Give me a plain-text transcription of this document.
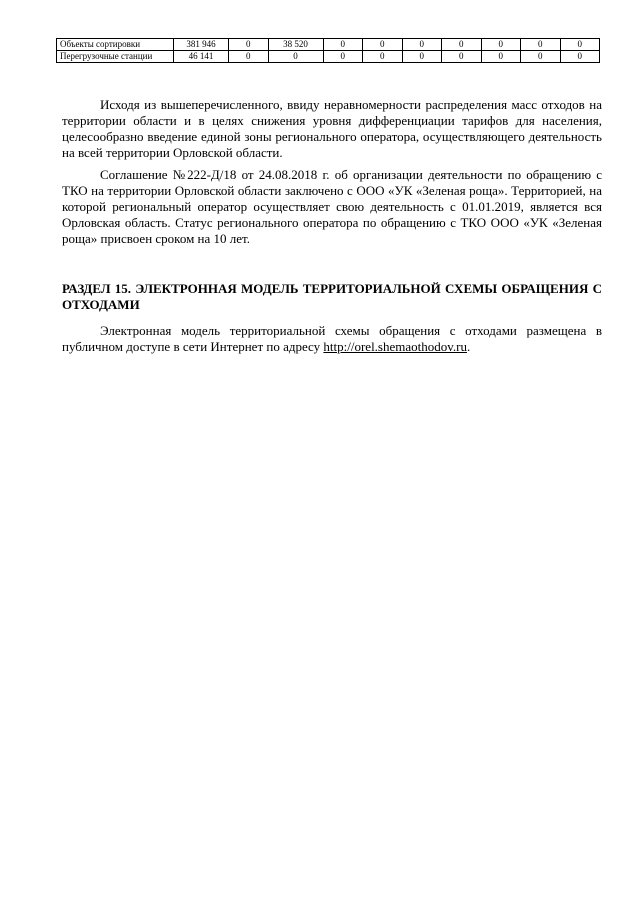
Объекты сортировки	381 946	0	38 520	0	0	0	0	0	0	0
Перегрузочные станции	46 141	0	0	0	0	0	0	0	0	0

Исходя из вышеперечисленного, ввиду неравномерности распределения масс отходов на территории области и в целях снижения уровня дифференциации тарифов для населения, целесообразно введение единой зоны регионального оператора, осуществляющего деятельность на всей территории Орловской области.

Соглашение №222-Д/18 от 24.08.2018 г. об организации деятельности по обращению с ТКО на территории Орловской области заключено с ООО «УК «Зеленая роща». Территорией, на которой региональный оператор осуществляет свою деятельность с 01.01.2019, является вся Орловская область. Статус регионального оператора по обращению с ТКО ООО «УК «Зеленая роща» присвоен сроком на 10 лет.

РАЗДЕЛ 15. ЭЛЕКТРОННАЯ МОДЕЛЬ ТЕРРИТОРИАЛЬНОЙ СХЕМЫ ОБРАЩЕНИЯ С ОТХОДАМИ

Электронная модель территориальной схемы обращения с отходами размещена в публичном доступе в сети Интернет по адресу http://orel.shemaothodov.ru.
